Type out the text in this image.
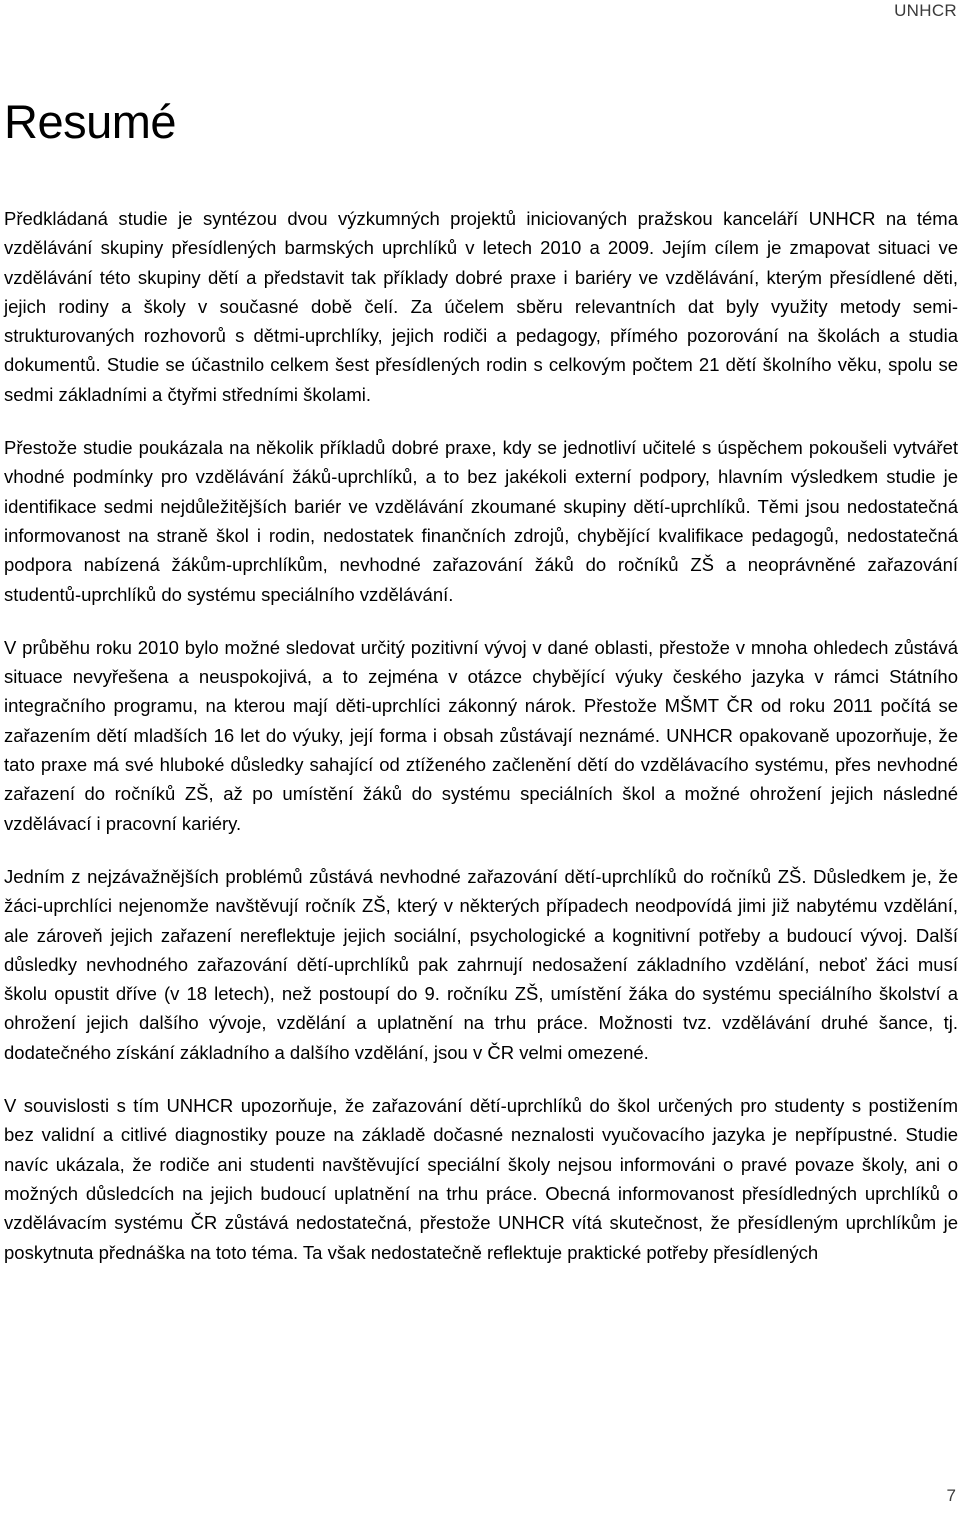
UNHCR
Resumé

Předkládaná studie je syntézou dvou výzkumných projektů iniciovaných pražskou kanceláří UNHCR na téma vzdělávání skupiny přesídlených barmských uprchlíků v letech 2010 a 2009. Jejím cílem je zmapovat situaci ve vzdělávání této skupiny dětí a představit tak příklady dobré praxe i bariéry ve vzdělávání, kterým přesídlené děti, jejich rodiny a školy v současné době čelí. Za účelem sběru relevantních dat byly využity metody semi-strukturovaných rozhovorů s dětmi-uprchlíky, jejich rodiči a pedagogy, přímého pozorování na školách a studia dokumentů. Studie se účastnilo celkem šest přesídlených rodin s celkovým počtem 21 dětí školního věku, spolu se sedmi základními a čtyřmi středními školami.

Přestože studie poukázala na několik příkladů dobré praxe, kdy se jednotliví učitelé s úspěchem pokoušeli vytvářet vhodné podmínky pro vzdělávání žáků-uprchlíků, a to bez jakékoli externí podpory, hlavním výsledkem studie je identifikace sedmi nejdůležitějších bariér ve vzdělávání zkoumané skupiny dětí-uprchlíků. Těmi jsou nedostatečná informovanost na straně škol i rodin, nedostatek finančních zdrojů, chybějící kvalifikace pedagogů, nedostatečná podpora nabízená žákům-uprchlíkům, nevhodné zařazování žáků do ročníků ZŠ a neoprávněné zařazování studentů-uprchlíků do systému speciálního vzdělávání.

V průběhu roku 2010 bylo možné sledovat určitý pozitivní vývoj v dané oblasti, přestože v mnoha ohledech zůstává situace nevyřešena a neuspokojivá, a to zejména v otázce chybějící výuky českého jazyka v rámci Státního integračního programu, na kterou mají děti-uprchlíci zákonný nárok. Přestože MŠMT ČR od roku 2011 počítá se zařazením dětí mladších 16 let do výuky, její forma i obsah zůstávají neznámé. UNHCR opakovaně upozorňuje, že tato praxe má své hluboké důsledky sahající od ztíženého začlenění dětí do vzdělávacího systému, přes nevhodné zařazení do ročníků ZŠ, až po umístění žáků do systému speciálních škol a možné ohrožení jejich následné vzdělávací i pracovní kariéry.

Jedním z nejzávažnějších problémů zůstává nevhodné zařazování dětí-uprchlíků do ročníků ZŠ. Důsledkem je, že žáci-uprchlíci nejenomže navštěvují ročník ZŠ, který v některých případech neodpovídá jimi již nabytému vzdělání, ale zároveň jejich zařazení nereflektuje jejich sociální, psychologické a kognitivní potřeby a budoucí vývoj. Další důsledky nevhodného zařazování dětí-uprchlíků pak zahrnují nedosažení základního vzdělání, neboť žáci musí školu opustit dříve (v 18 letech), než postoupí do 9. ročníku ZŠ, umístění žáka do systému speciálního školství a ohrožení jejich dalšího vývoje, vzdělání a uplatnění na trhu práce. Možnosti tvz. vzdělávání druhé šance, tj. dodatečného získání základního a dalšího vzdělání, jsou v ČR velmi omezené.

V souvislosti s tím UNHCR upozorňuje, že zařazování dětí-uprchlíků do škol určených pro studenty s postižením bez validní a citlivé diagnostiky pouze na základě dočasné neznalosti vyučovacího jazyka je nepřípustné. Studie navíc ukázala, že rodiče ani studenti navštěvující speciální školy nejsou informováni o pravé povaze školy, ani o možných důsledcích na jejich budoucí uplatnění na trhu práce. Obecná informovanost přesídledných uprchlíků o vzdělávacím systému ČR zůstává nedostatečná, přestože UNHCR vítá skutečnost, že přesídleným uprchlíkům je poskytnuta přednáška na toto téma. Ta však nedostatečně reflektuje praktické potřeby přesídlených

7
